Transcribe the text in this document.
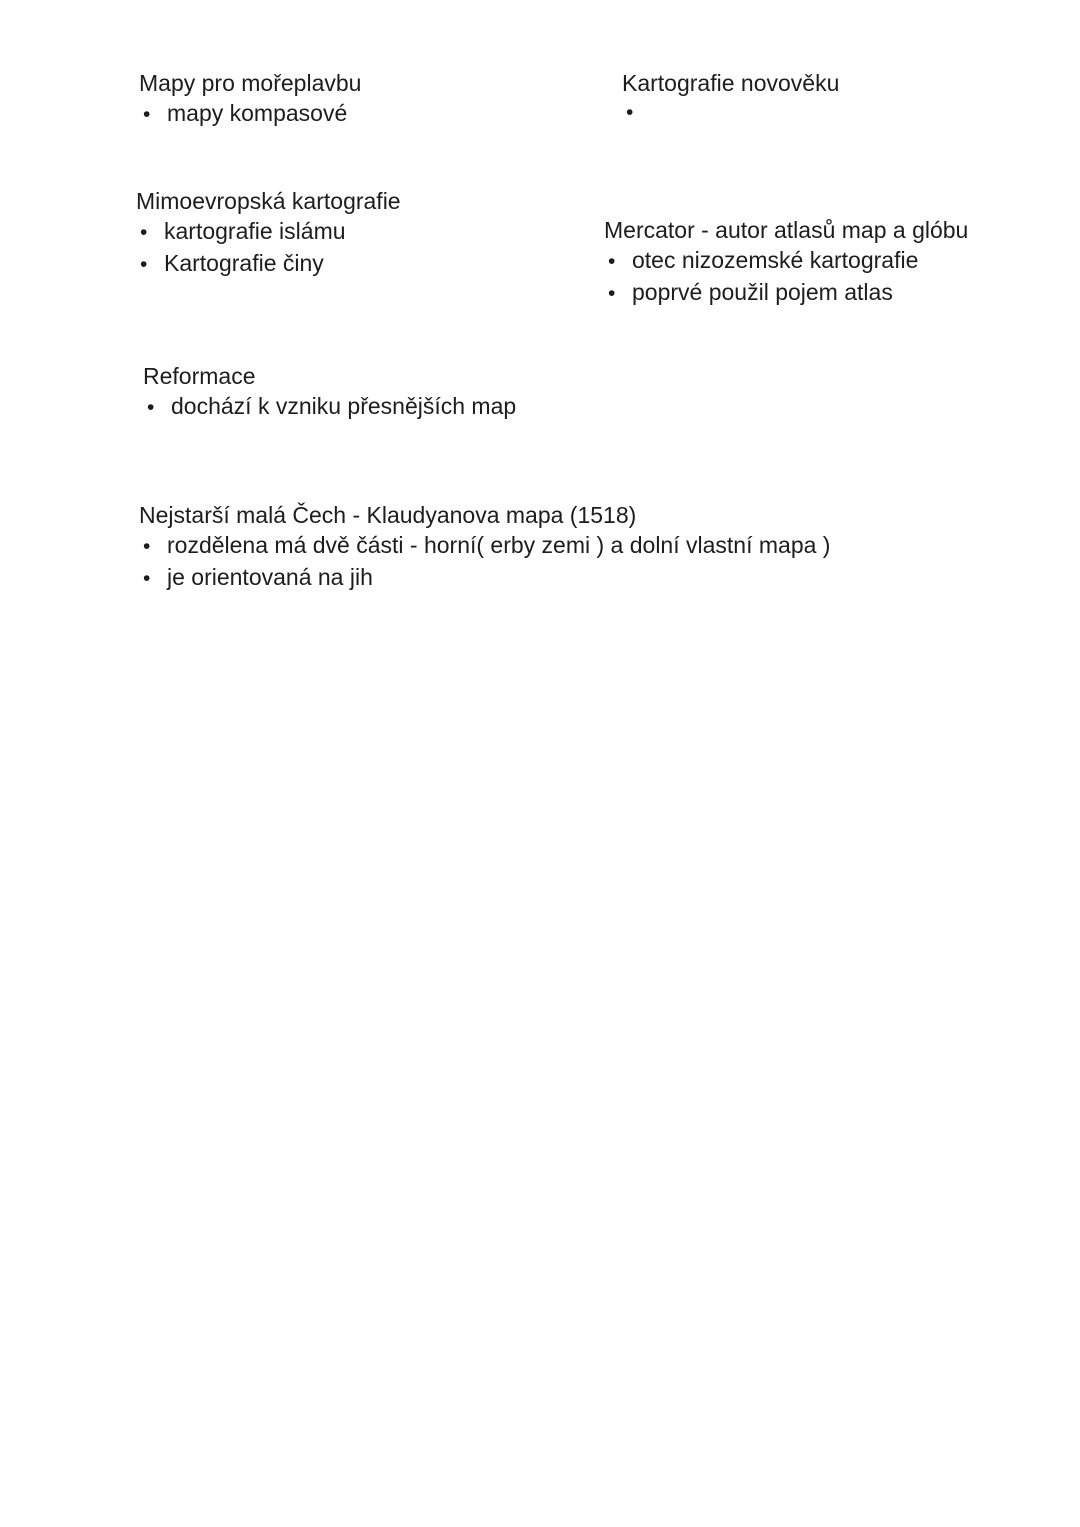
Mapy pro mořeplavbu
• mapy kompasové
Kartografie novověku
•
Mimoevropská kartografie
• kartografie islámu
• Kartografie činy
Mercator - autor atlasů map a glóbu
• otec nizozemské kartografie
• poprvé použil pojem atlas
Reformace
• dochází k vzniku přesnějších map
Nejstarší malá Čech - Klaudyanova mapa (1518)
• rozdělena má dvě části - horní( erby zemi ) a dolní vlastní mapa )
• je orientovaná na jih
